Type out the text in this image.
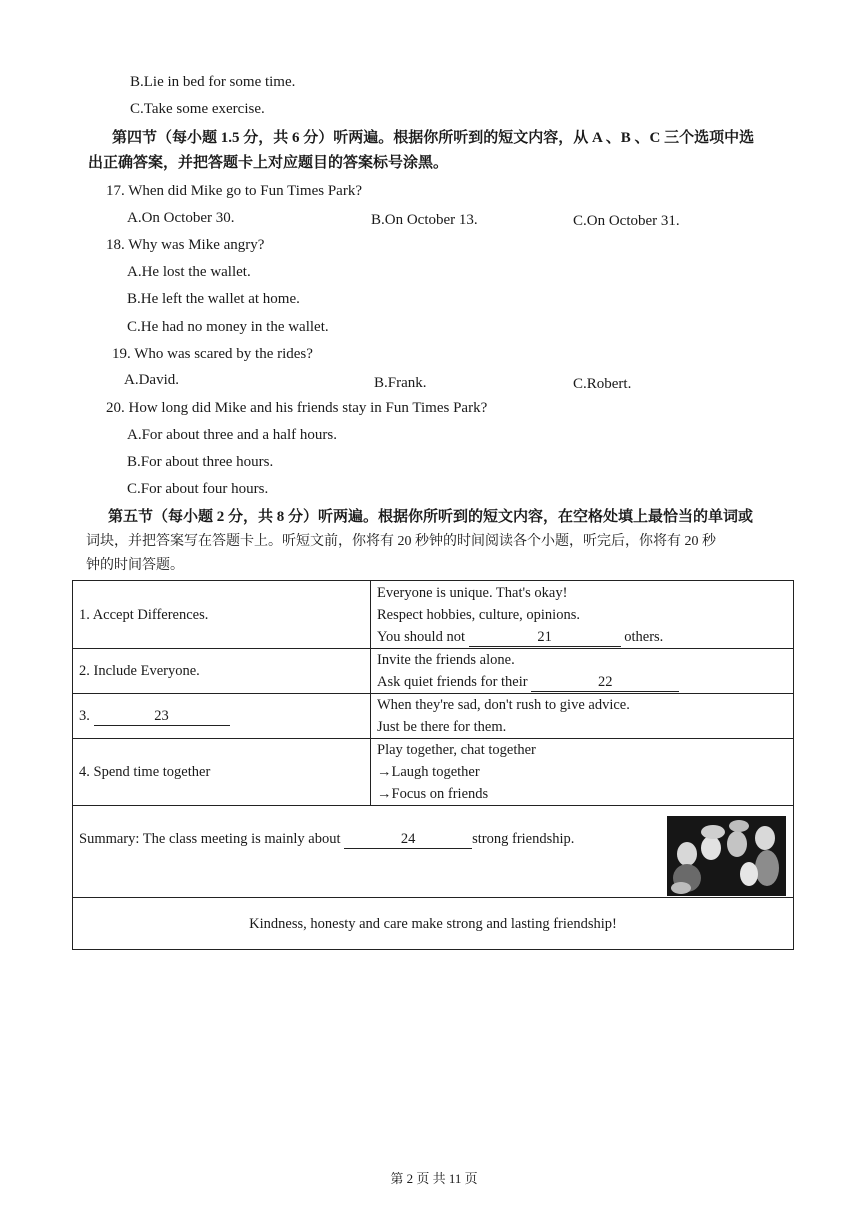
B.Lie in bed for some time.
C.Take some exercise.
第四节（每小题 1.5 分，共 6 分）听两遍。根据你所听到的短文内容，从 A 、B 、C 三个选项中选
出正确答案，并把答题卡上对应题目的答案标号涂黑。
17. When did Mike go to Fun Times Park?
A.On October 30.	B.On October 13.	C.On October 31.
18. Why was Mike angry?
A.He lost the wallet.
B.He left the wallet at home.
C.He had no money in the wallet.
19. Who was scared by the rides?
A.David.	B.Frank.	C.Robert.
20. How long did Mike and his friends stay in Fun Times Park?
A.For about three and a half hours.
B.For about three hours.
C.For about four hours.
第五节（每小题 2 分，共 8 分）听两遍。根据你所听到的短文内容，在空格处填上最恰当的单词或
词块，并把答案写在答题卡上。听短文前，你将有 20 秒钟的时间阅读各个小题，听完后，你将有 20 秒
钟的时间答题。
1. Accept Differences.	Everyone is unique. That's okay!
Respect hobbies, culture, opinions.
You should not 21 others.

2. Include Everyone.	Invite the friends alone.
Ask quiet friends for their 22

3. 23	When they're sad, don't rush to give advice.
Just be there for them.

4. Spend time together	Play together, chat together
→Laugh together
→Focus on friends

Summary: The class meeting is mainly about 24 strong friendship.	
Kindness, honesty and care make strong and lasting friendship!	
第 2 页 共 11 页
